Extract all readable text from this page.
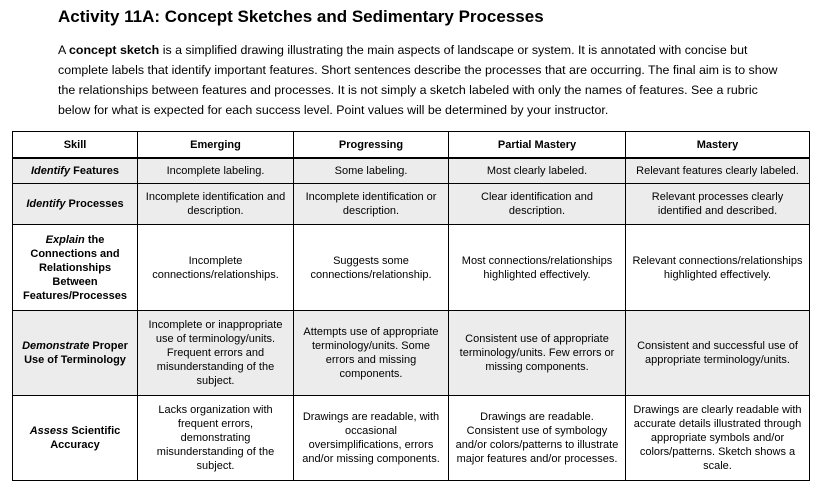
Activity 11A: Concept Sketches and Sedimentary Processes

A concept sketch is a simplified drawing illustrating the main aspects of landscape or system. It is annotated with concise but complete labels that identify important features. Short sentences describe the processes that are occurring. The final aim is to show the relationships between features and processes. It is not simply a sketch labeled with only the names of features. See a rubric below for what is expected for each success level. Point values will be determined by your instructor.

Skill	Emerging	Progressing	Partial Mastery	Mastery
Identify Features	Incomplete labeling.	Some labeling.	Most clearly labeled.	Relevant features clearly labeled.
Identify Processes	Incomplete identification and description.	Incomplete identification or description.	Clear identification and description.	Relevant processes clearly identified and described.
Explain the Connections and Relationships Between Features/Processes	Incomplete connections/relationships.	Suggests some connections/relationship.	Most connections/relationships highlighted effectively.	Relevant connections/relationships highlighted effectively.
Demonstrate Proper Use of Terminology	Incomplete or inappropriate use of terminology/units. Frequent errors and misunderstanding of the subject.	Attempts use of appropriate terminology/units. Some errors and missing components.	Consistent use of appropriate terminology/units. Few errors or missing components.	Consistent and successful use of appropriate terminology/units.
Assess Scientific Accuracy	Lacks organization with frequent errors, demonstrating misunderstanding of the subject.	Drawings are readable, with occasional oversimplifications, errors and/or missing components.	Drawings are readable. Consistent use of symbology and/or colors/patterns to illustrate major features and/or processes.	Drawings are clearly readable with accurate details illustrated through appropriate symbols and/or colors/patterns. Sketch shows a scale.
